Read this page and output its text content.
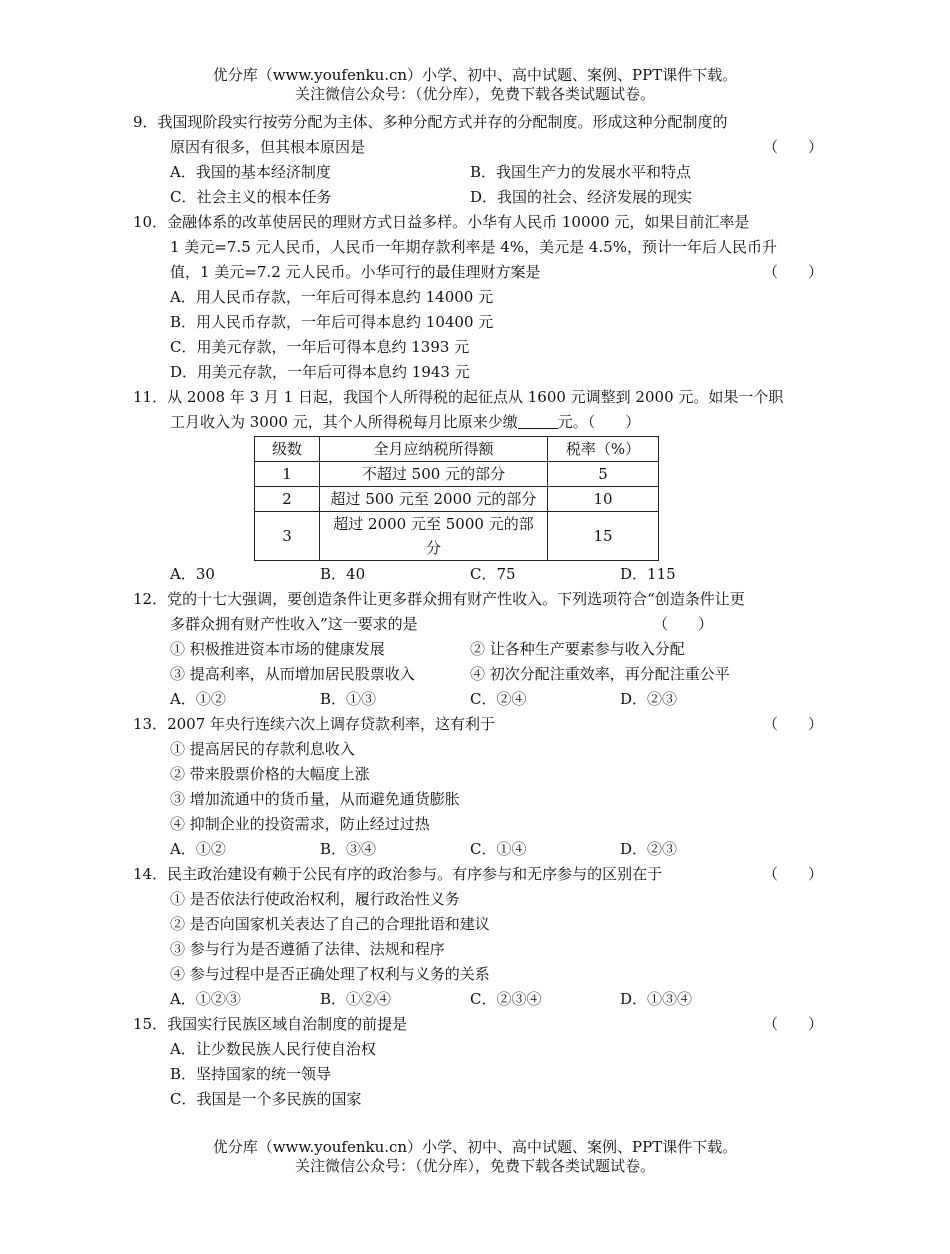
优分库（www.youfenku.cn）小学、初中、高中试题、案例、PPT课件下载。
关注微信公众号：（优分库），免费下载各类试题试卷。
9．我国现阶段实行按劳分配为主体、多种分配方式并存的分配制度。形成这种分配制度的
原因有很多，但其根本原因是	（　　）
A．我国的基本经济制度	B．我国生产力的发展水平和特点
C．社会主义的根本任务	D．我国的社会、经济发展的现实
10．金融体系的改革使居民的理财方式日益多样。小华有人民币 10000 元，如果目前汇率是
1 美元=7.5 元人民币，人民币一年期存款利率是 4%，美元是 4.5%，预计一年后人民币升
值，1 美元=7.2 元人民币。小华可行的最佳理财方案是	（　　）
A．用人民币存款，一年后可得本息约 14000 元
B．用人民币存款，一年后可得本息约 10400 元
C．用美元存款，一年后可得本息约 1393 元
D．用美元存款，一年后可得本息约 1943 元
11．从 2008 年 3 月 1 日起，我国个人所得税的起征点从 1600 元调整到 2000 元。如果一个职
工月收入为 3000 元，其个人所得税每月比原来少缴	元。（　　）
级数	全月应纳税所得额	税率（%）
1	不超过 500 元的部分	5
2	超过 500 元至 2000 元的部分	10
3	超过 2000 元至 5000 元的部分	15
A．30	B．40	C．75	D．115
12．党的十七大强调，要创造条件让更多群众拥有财产性收入。下列选项符合“创造条件让更
多群众拥有财产性收入”这一要求的是	（　　）
① 积极推进资本市场的健康发展	② 让各种生产要素参与收入分配
③ 提高利率，从而增加居民股票收入	④ 初次分配注重效率，再分配注重公平
A．①②	B．①③	C．②④	D．②③
13．2007 年央行连续六次上调存贷款利率，这有利于	（　　）
① 提高居民的存款利息收入
② 带来股票价格的大幅度上涨
③ 增加流通中的货币量，从而避免通货膨胀
④ 抑制企业的投资需求，防止经过过热
A．①②	B．③④	C．①④	D．②③
14．民主政治建设有赖于公民有序的政治参与。有序参与和无序参与的区别在于	（　　）
① 是否依法行使政治权利，履行政治性义务
② 是否向国家机关表达了自己的合理批语和建议
③ 参与行为是否遵循了法律、法规和程序
④ 参与过程中是否正确处理了权利与义务的关系
A．①②③	B．①②④	C．②③④	D．①③④
15．我国实行民族区域自治制度的前提是	（　　）
A．让少数民族人民行使自治权
B．坚持国家的统一领导
C．我国是一个多民族的国家
优分库（www.youfenku.cn）小学、初中、高中试题、案例、PPT课件下载。
关注微信公众号：（优分库），免费下载各类试题试卷。
